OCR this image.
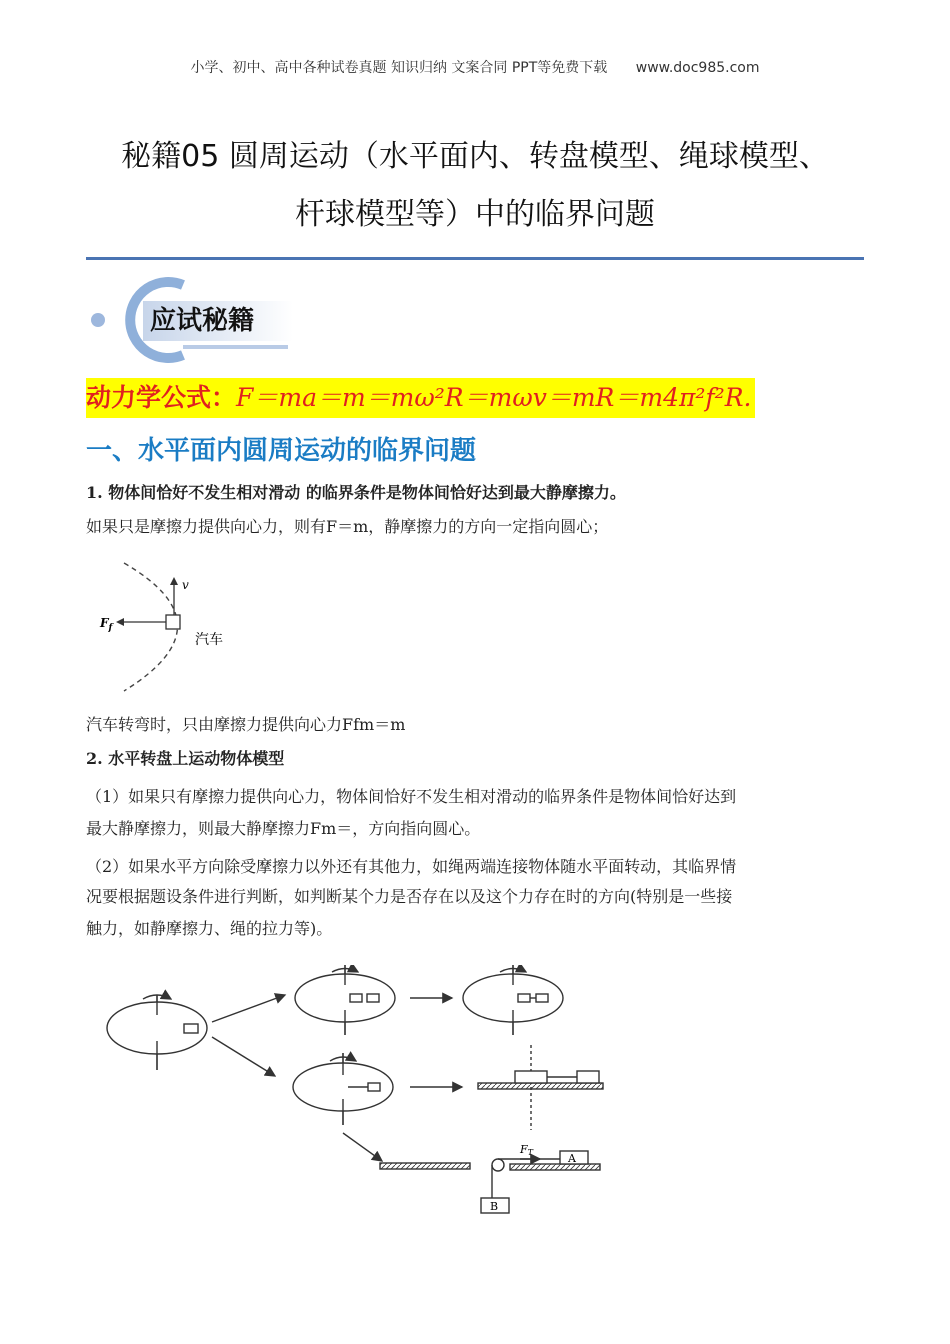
小学、初中、高中各种试卷真题 知识归纳 文案合同 PPT等免费下载 www.doc985.com
秘籍05 圆周运动（水平面内、转盘模型、绳球模型、
杆球模型等）中的临界问题
应试秘籍
动力学公式：F＝ma＝m＝mω²R＝mωv＝mR＝m4π²f²R.
一、水平面内圆周运动的临界问题
1. 物体间恰好不发生相对滑动 的临界条件是物体间恰好达到最大静摩擦力。
如果只是摩擦力提供向心力，则有F＝m，静摩擦力的方向一定指向圆心；
v
$F_f$
汽车
汽车转弯时，只由摩擦力提供向心力Ffm＝m
2. 水平转盘上运动物体模型
（1）如果只有摩擦力提供向心力，物体间恰好不发生相对滑动的临界条件是物体间恰好达到
最大静摩擦力，则最大静摩擦力Fm＝，方向指向圆心。
（2）如果水平方向除受摩擦力以外还有其他力，如绳两端连接物体随水平面转动，其临界情
况要根据题设条件进行判断，如判断某个力是否存在以及这个力存在时的方向(特别是一些接
触力，如静摩擦力、绳的拉力等)。
FT	A
B
